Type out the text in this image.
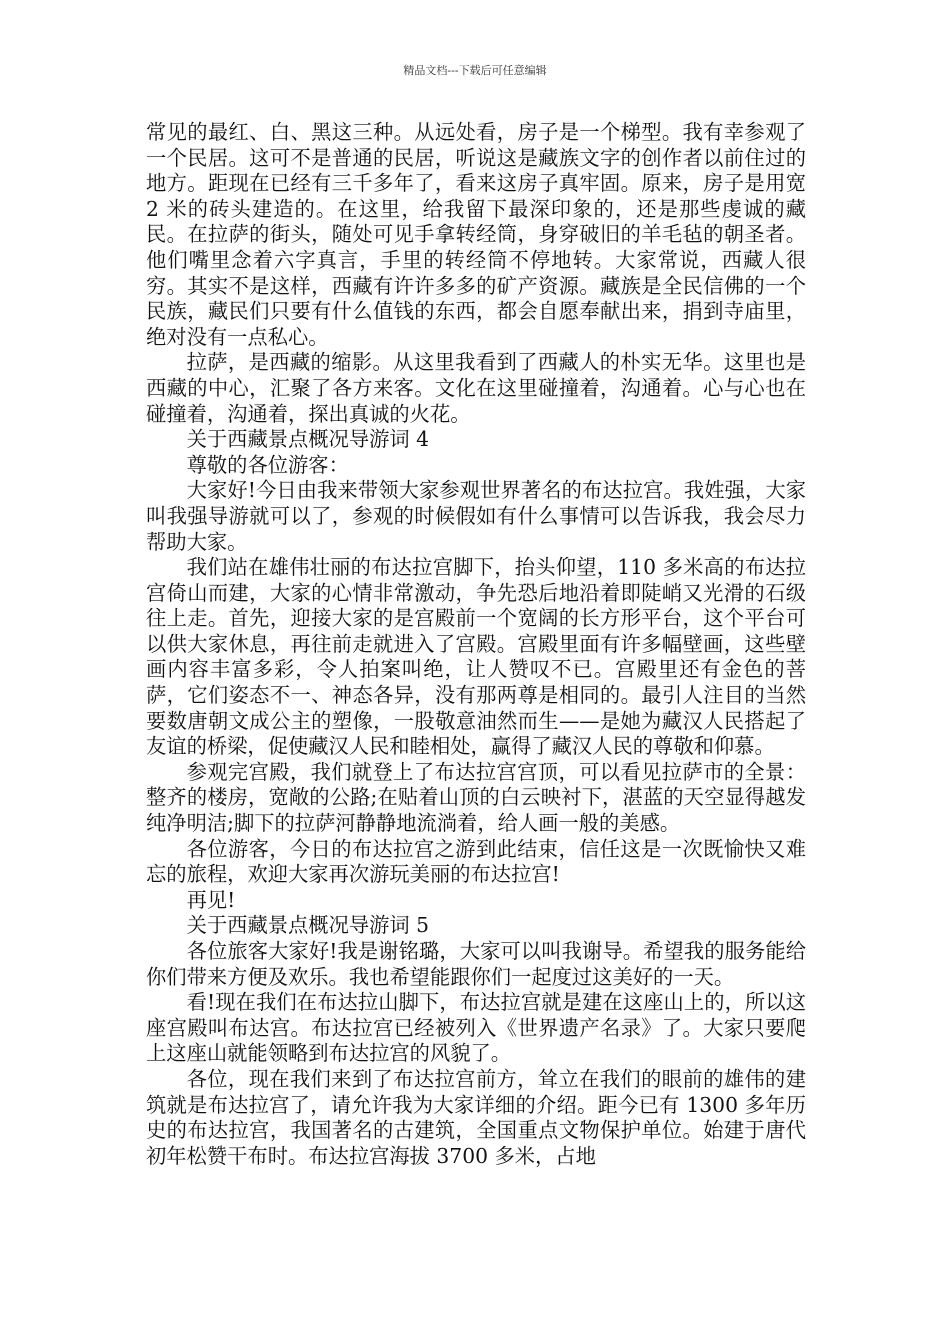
精品文档---下载后可任意编辑

常见的最红、白、黑这三种。从远处看，房子是一个梯型。我有幸参观了一个民居。这可不是普通的民居，听说这是藏族文字的创作者以前住过的地方。距现在已经有三千多年了，看来这房子真牢固。原来，房子是用宽 2 米的砖头建造的。在这里，给我留下最深印象的，还是那些虔诚的藏民。在拉萨的街头，随处可见手拿转经筒，身穿破旧的羊毛毡的朝圣者。他们嘴里念着六字真言，手里的转经筒不停地转。大家常说，西藏人很穷。其实不是这样，西藏有许许多多的矿产资源。藏族是全民信佛的一个民族，藏民们只要有什么值钱的东西，都会自愿奉献出来，捐到寺庙里，绝对没有一点私心。

拉萨，是西藏的缩影。从这里我看到了西藏人的朴实无华。这里也是西藏的中心，汇聚了各方来客。文化在这里碰撞着，沟通着。心与心也在碰撞着，沟通着，探出真诚的火花。

关于西藏景点概况导游词 4

尊敬的各位游客：

大家好!今日由我来带领大家参观世界著名的布达拉宫。我姓强，大家叫我强导游就可以了，参观的时候假如有什么事情可以告诉我，我会尽力帮助大家。

我们站在雄伟壮丽的布达拉宫脚下，抬头仰望，110 多米高的布达拉宫倚山而建，大家的心情非常激动，争先恐后地沿着即陡峭又光滑的石级往上走。首先，迎接大家的是宫殿前一个宽阔的长方形平台，这个平台可以供大家休息，再往前走就进入了宫殿。宫殿里面有许多幅壁画，这些壁画内容丰富多彩，令人拍案叫绝，让人赞叹不已。宫殿里还有金色的菩萨，它们姿态不一、神态各异，没有那两尊是相同的。最引人注目的当然要数唐朝文成公主的塑像，一股敬意油然而生——是她为藏汉人民搭起了友谊的桥梁，促使藏汉人民和睦相处，赢得了藏汉人民的尊敬和仰慕。

参观完宫殿，我们就登上了布达拉宫宫顶，可以看见拉萨市的全景：整齐的楼房，宽敞的公路;在贴着山顶的白云映衬下，湛蓝的天空显得越发纯净明洁;脚下的拉萨河静静地流淌着，给人画一般的美感。

各位游客，今日的布达拉宫之游到此结束，信任这是一次既愉快又难忘的旅程，欢迎大家再次游玩美丽的布达拉宫!

再见!

关于西藏景点概况导游词 5

各位旅客大家好!我是谢铭璐，大家可以叫我谢导。希望我的服务能给你们带来方便及欢乐。我也希望能跟你们一起度过这美好的一天。

看!现在我们在布达拉山脚下，布达拉宫就是建在这座山上的，所以这座宫殿叫布达宫。布达拉宫已经被列入《世界遗产名录》了。大家只要爬上这座山就能领略到布达拉宫的风貌了。

各位，现在我们来到了布达拉宫前方，耸立在我们的眼前的雄伟的建筑就是布达拉宫了，请允许我为大家详细的介绍。距今已有 1300 多年历史的布达拉宫，我国著名的古建筑，全国重点文物保护单位。始建于唐代初年松赞干布时。布达拉宫海拔 3700 多米，占地
